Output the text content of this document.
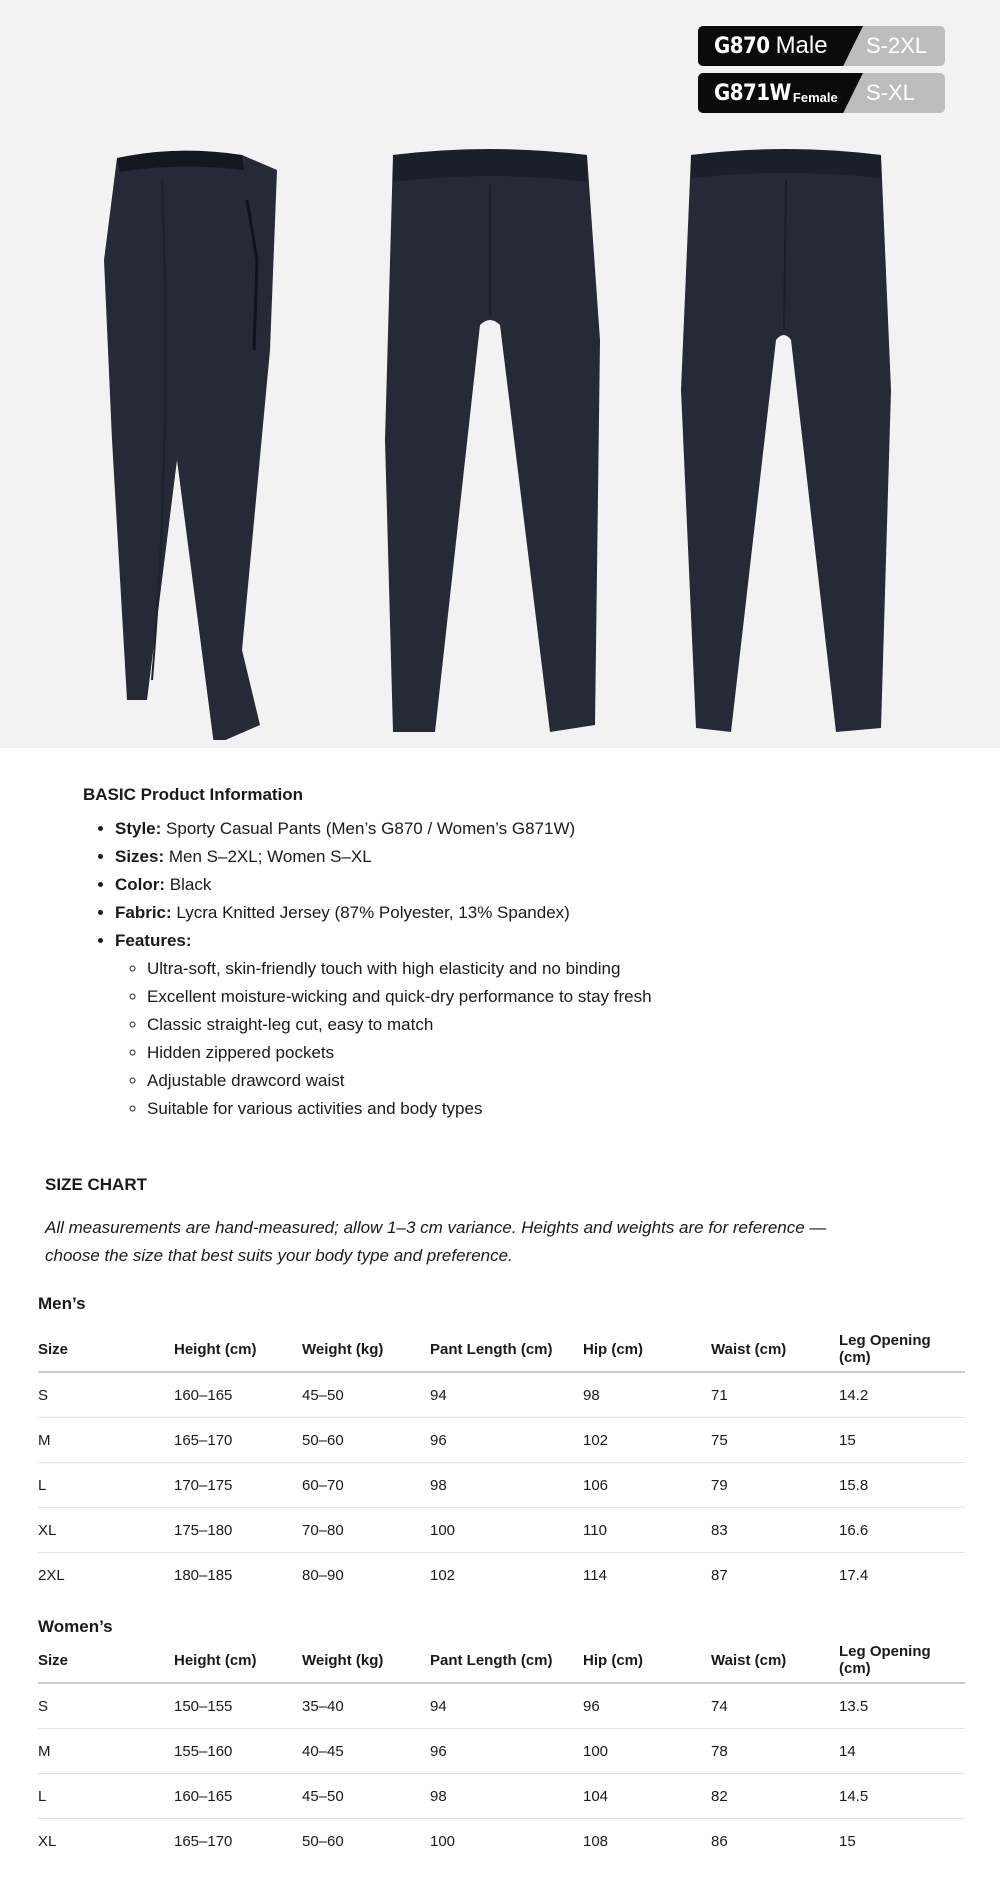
G870 Male S-2XL
G871W Female S-XL
BASIC Product Information
• Style: Sporty Casual Pants (Men’s G870 / Women’s G871W)
• Sizes: Men S–2XL; Women S–XL
• Color: Black
• Fabric: Lycra Knitted Jersey (87% Polyester, 13% Spandex)
• Features:
◦ Ultra-soft, skin-friendly touch with high elasticity and no binding
◦ Excellent moisture-wicking and quick-dry performance to stay fresh
◦ Classic straight-leg cut, easy to match
◦ Hidden zippered pockets
◦ Adjustable drawcord waist
◦ Suitable for various activities and body types
SIZE CHART
All measurements are hand-measured; allow 1–3 cm variance. Heights and weights are for reference —choose the size that best suits your body type and preference.
Men’s
Size	Height (cm)	Weight (kg)	Pant Length (cm)	Hip (cm)	Waist (cm)	Leg Opening (cm)
S	160–165	45–50	94	98	71	14.2
M	165–170	50–60	96	102	75	15
L	170–175	60–70	98	106	79	15.8
XL	175–180	70–80	100	110	83	16.6
2XL	180–185	80–90	102	114	87	17.4
Women’s
Size	Height (cm)	Weight (kg)	Pant Length (cm)	Hip (cm)	Waist (cm)	Leg Opening (cm)
S	150–155	35–40	94	96	74	13.5
M	155–160	40–45	96	100	78	14
L	160–165	45–50	98	104	82	14.5
XL	165–170	50–60	100	108	86	15
